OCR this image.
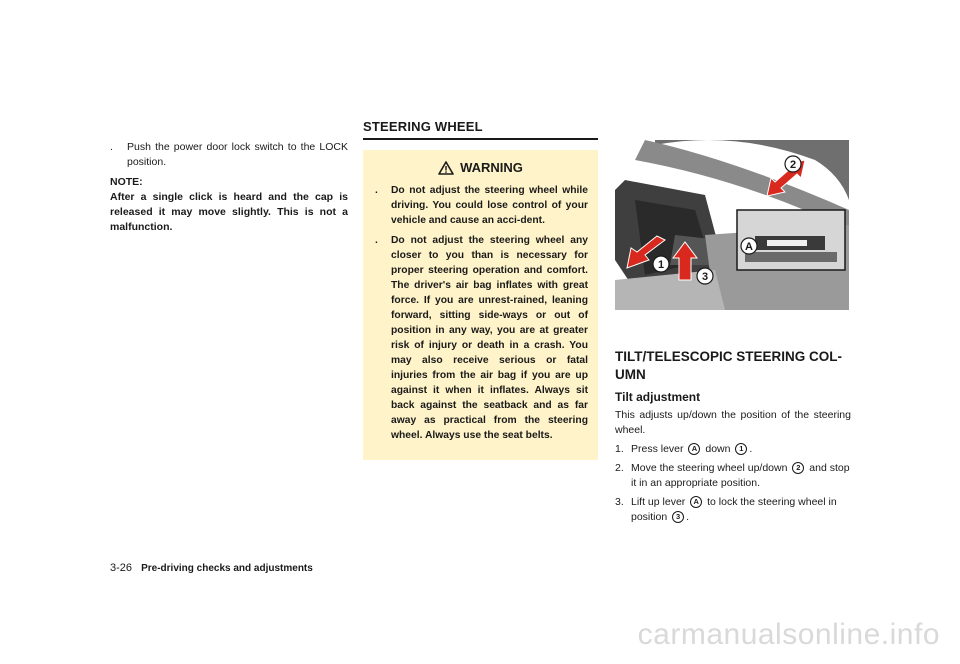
. Push the power door lock switch to the LOCK position.
NOTE:
After a single click is heard and the cap is released it may move slightly. This is not a malfunction.
STEERING WHEEL
WARNING
. Do not adjust the steering wheel while driving. You could lose control of your vehicle and cause an acci-dent.
. Do not adjust the steering wheel any closer to you than is necessary for proper steering operation and comfort. The driver's air bag inflates with great force. If you are unrest-rained, leaning forward, sitting side-ways or out of position in any way, you are at greater risk of injury or death in a crash. You may also receive serious or fatal injuries from the air bag if you are up against it when it inflates. Always sit back against the seatback and as far away as practical from the steering wheel. Always use the seat belts.
2
A
1
3
TILT/TELESCOPIC STEERING COL-UMN
Tilt adjustment
This adjusts up/down the position of the steering wheel.
1. Press lever A down 1 .
2. Move the steering wheel up/down 2 and stop it in an appropriate position.
3. Lift up lever A to lock the steering wheel in position 3 .
3-26 Pre-driving checks and adjustments
carmanualsonline.info
